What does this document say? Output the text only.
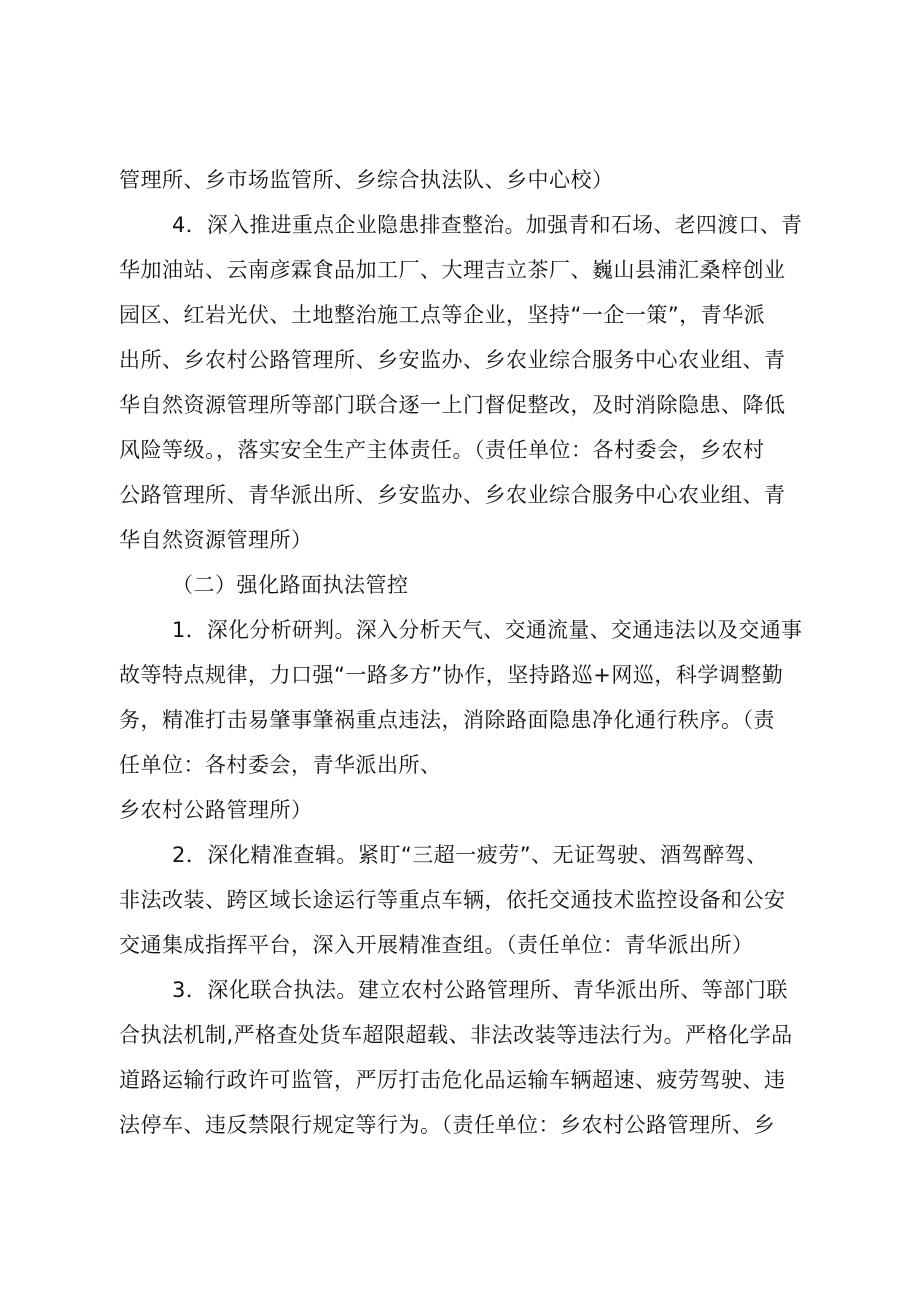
管理所、乡市场监管所、乡综合执法队、乡中心校）
4．深入推进重点企业隐患排查整治。加强青和石场、老四渡口、青
华加油站、云南彦霖食品加工厂、大理吉立茶厂、巍山县浦汇桑梓创业
园区、红岩光伏、土地整治施工点等企业，坚持“一企一策”，青华派
出所、乡农村公路管理所、乡安监办、乡农业综合服务中心农业组、青
华自然资源管理所等部门联合逐一上门督促整改，及时消除隐患、降低
风险等级。，落实安全生产主体责任。（责任单位：各村委会，乡农村
公路管理所、青华派出所、乡安监办、乡农业综合服务中心农业组、青
华自然资源管理所）
（二）强化路面执法管控
1．深化分析研判。深入分析天气、交通流量、交通违法以及交通事
故等特点规律，力口强“一路多方”协作，坚持路巡+网巡，科学调整勤
务，精准打击易肇事肇祸重点违法，消除路面隐患净化通行秩序。（责
任单位：各村委会，青华派出所、
乡农村公路管理所）
2．深化精准查辑。紧盯“三超一疲劳”、无证驾驶、酒驾醉驾、
非法改装、跨区域长途运行等重点车辆，依托交通技术监控设备和公安
交通集成指挥平台，深入开展精准查组。（责任单位：青华派出所）
3．深化联合执法。建立农村公路管理所、青华派出所、等部门联
合执法机制,严格查处货车超限超载、非法改装等违法行为。严格化学品
道路运输行政许可监管，严厉打击危化品运输车辆超速、疲劳驾驶、违
法停车、违反禁限行规定等行为。（责任单位：乡农村公路管理所、乡
